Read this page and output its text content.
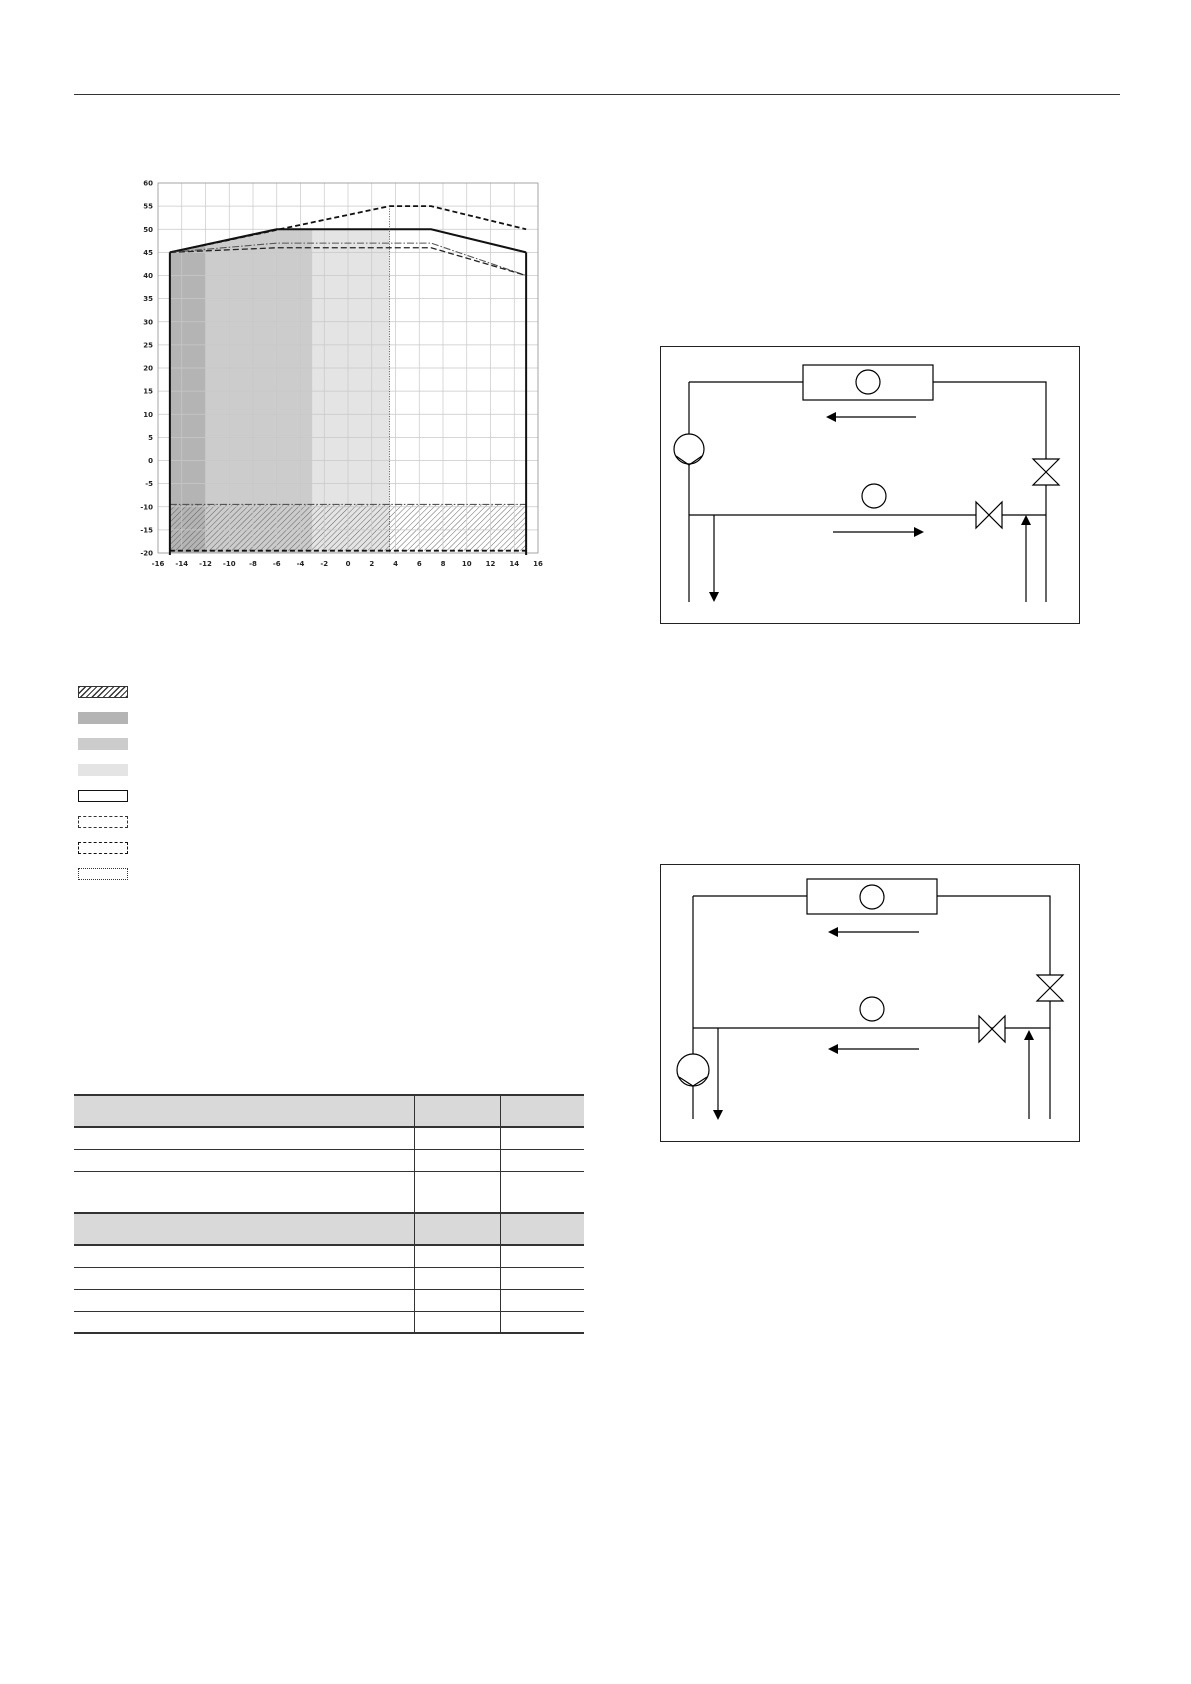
60
55
50
45
40
35
30
25
20
15
10
5
0
-5
-10
-15
-20
-16 -14 -12 -10 -8 -6 -4 -2 0	2	4	6	8 10 12 14 16
